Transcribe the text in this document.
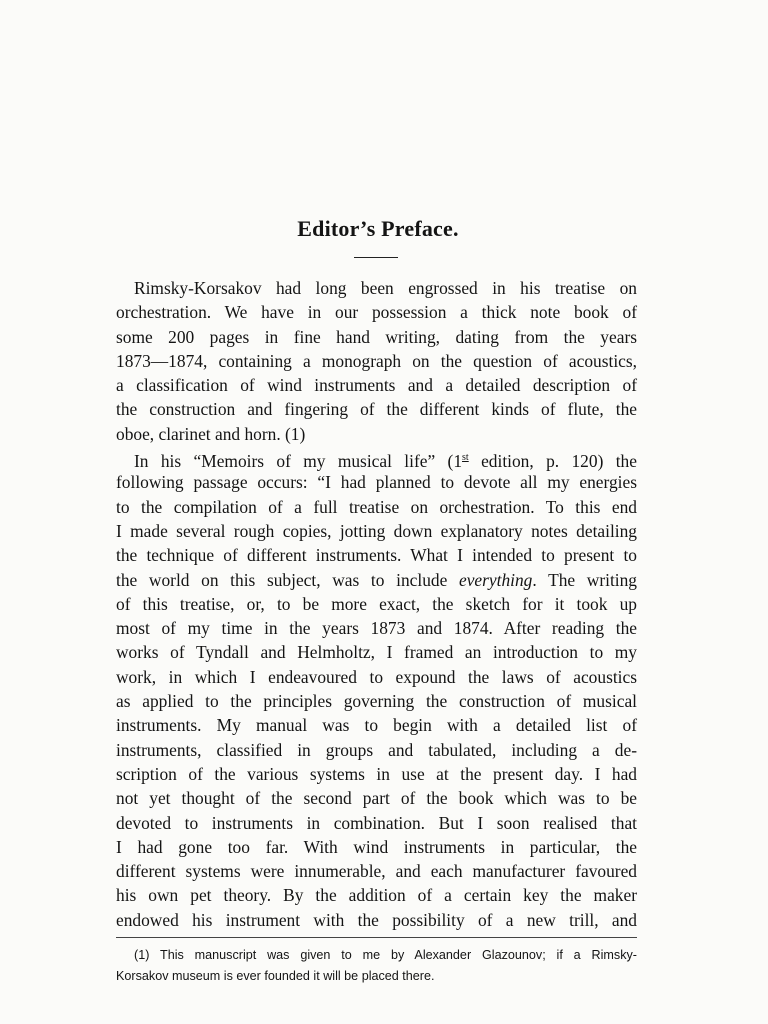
Editor’s Preface.
Rimsky-Korsakov had long been engrossed in his treatise on
orchestration. We have in our possession a thick note book of
some 200 pages in fine hand writing, dating from the years
1873—1874, containing a monograph on the question of acoustics,
a classification of wind instruments and a detailed description of
the construction and fingering of the different kinds of flute, the
oboe, clarinet and horn. (1)
In his “Memoirs of my musical life” (1st edition, p. 120) the
following passage occurs: “I had planned to devote all my energies
to the compilation of a full treatise on orchestration. To this end
I made several rough copies, jotting down explanatory notes detailing
the technique of different instruments. What I intended to present to
the world on this subject, was to include everything. The writing
of this treatise, or, to be more exact, the sketch for it took up
most of my time in the years 1873 and 1874. After reading the
works of Tyndall and Helmholtz, I framed an introduction to my
work, in which I endeavoured to expound the laws of acoustics
as applied to the principles governing the construction of musical
instruments. My manual was to begin with a detailed list of
instruments, classified in groups and tabulated, including a de-
scription of the various systems in use at the present day. I had
not yet thought of the second part of the book which was to be
devoted to instruments in combination. But I soon realised that
I had gone too far. With wind instruments in particular, the
different systems were innumerable, and each manufacturer favoured
his own pet theory. By the addition of a certain key the maker
endowed his instrument with the possibility of a new trill, and
(1) This manuscript was given to me by Alexander Glazounov; if a Rimsky-
Korsakov museum is ever founded it will be placed there.
